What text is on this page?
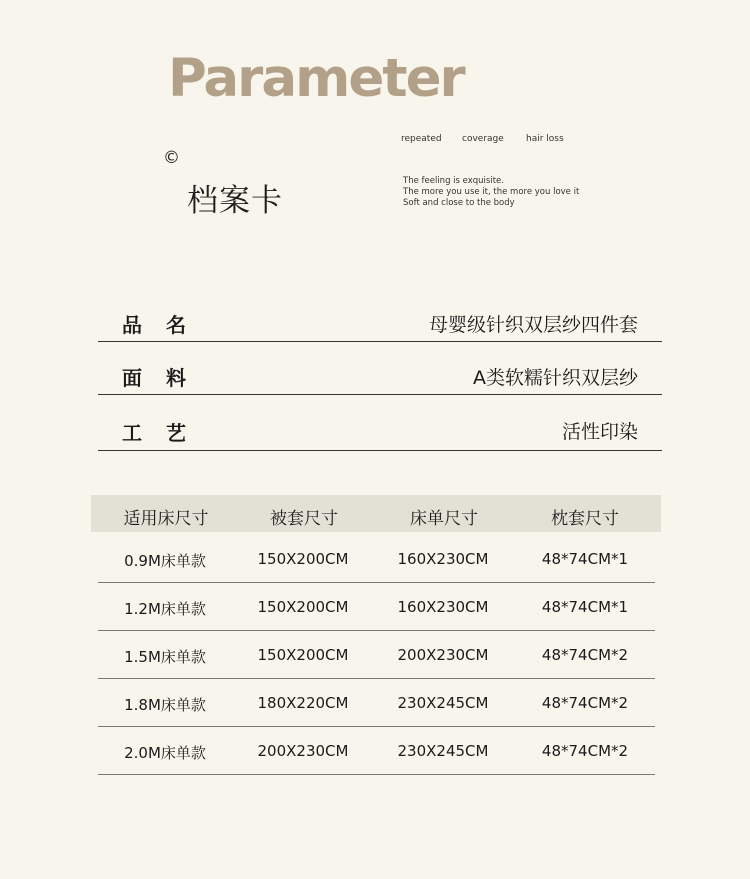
Parameter
©
档案卡
repeated coverage hair loss
The feeling is exquisite.
The more you use it, the more you love it
Soft and close to the body
品 名	母婴级针织双层纱四件套
面 料	A类软糯针织双层纱
工 艺	活性印染
适用床尺寸	被套尺寸	床单尺寸	枕套尺寸
0.9M床单款	150X200CM	160X230CM	48*74CM*1
1.2M床单款	150X200CM	160X230CM	48*74CM*1
1.5M床单款	150X200CM	200X230CM	48*74CM*2
1.8M床单款	180X220CM	230X245CM	48*74CM*2
2.0M床单款	200X230CM	230X245CM	48*74CM*2
